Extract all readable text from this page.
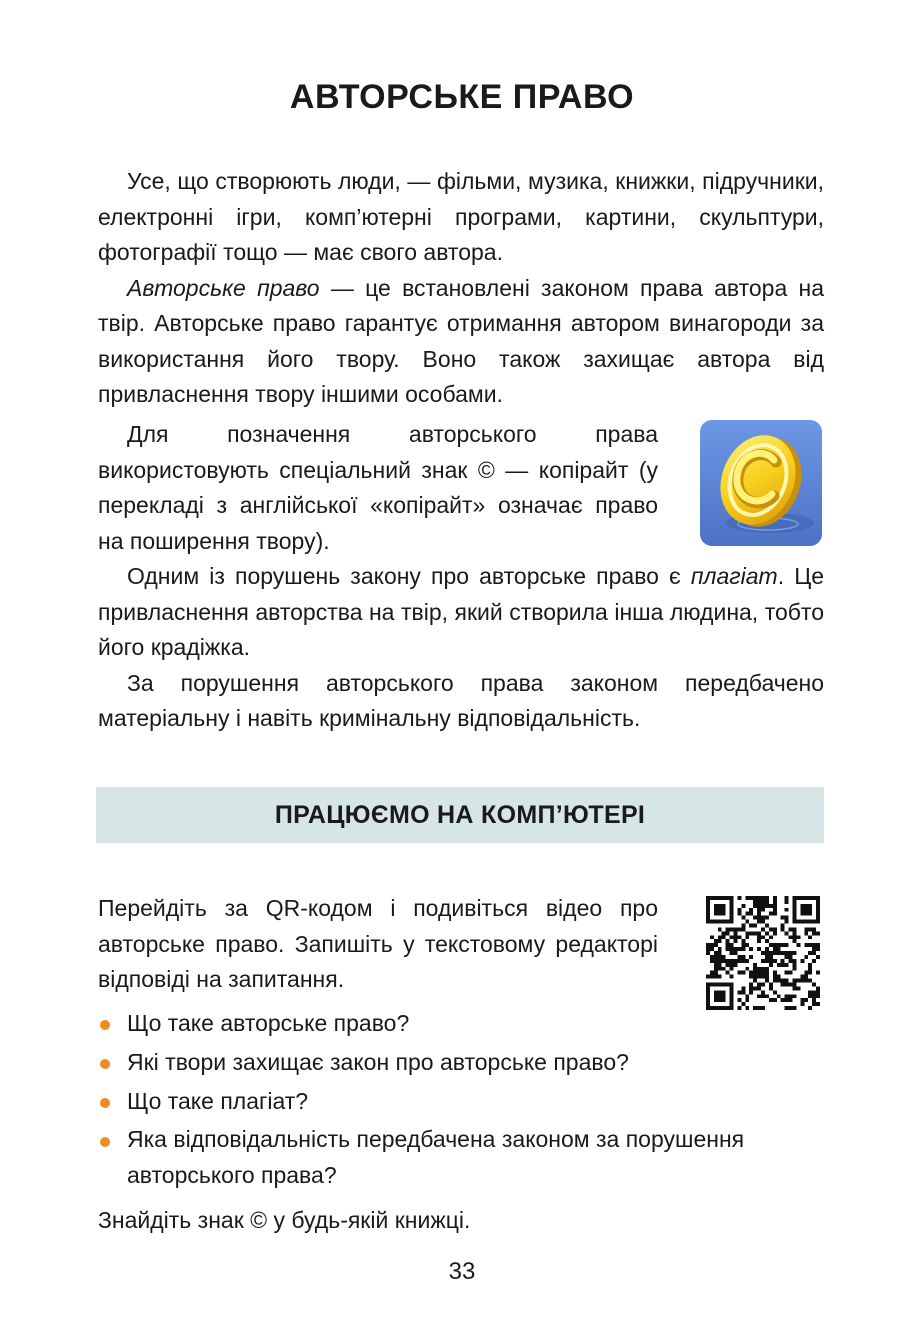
АВТОРСЬКЕ ПРАВО

Усе, що створюють люди, — фільми, музика, книжки, підручники, електронні ігри, комп’ютерні програми, картини, скульптури, фотографії тощо — має свого автора.

Авторське право — це встановлені законом права автора на твір. Авторське право гарантує отримання автором винагороди за використання його твору. Воно також захищає автора від привласнення твору іншими особами.

Для позначення авторського права використовують спеціальний знак © — копірайт (у перекладі з англійської «копірайт» означає право на поширення твору).

Одним із порушень закону про авторське право є плагіат. Це привласнення авторства на твір, який створила інша людина, тобто його крадіжка.

За порушення авторського права законом передбачено матеріальну і навіть кримінальну відповідальність.

ПРАЦЮЄМО НА КОМП’ЮТЕРІ

Перейдіть за QR-кодом і подивіться відео про авторське право. Запишіть у текстовому редакторі відповіді на запитання.

Що таке авторське право?
Які твори захищає закон про авторське право?
Що таке плагіат?
Яка відповідальність передбачена законом за порушення авторського права?
Знайдіть знак © у будь-якій книжці.
33
